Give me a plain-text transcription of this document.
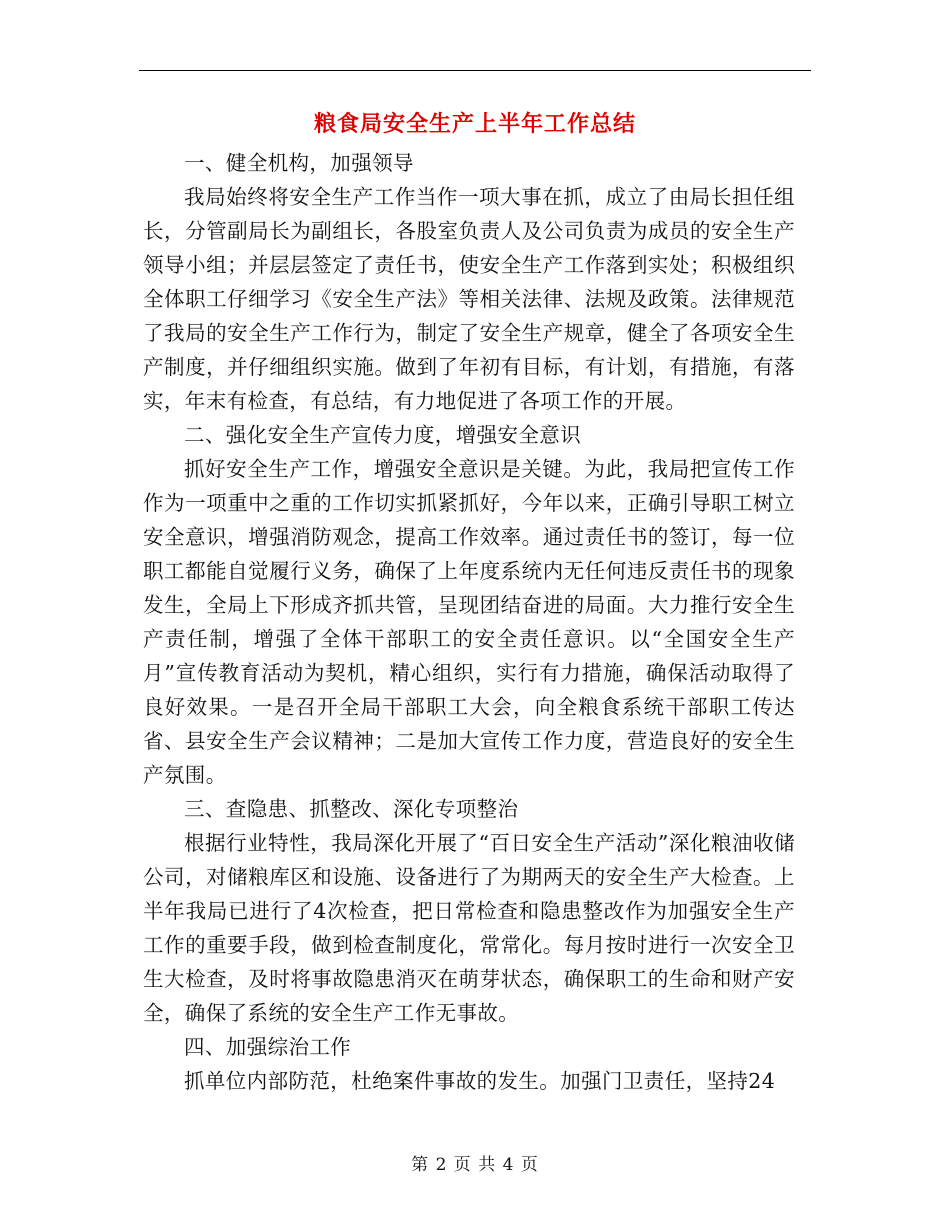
粮食局安全生产上半年工作总结

一、健全机构，加强领导

我局始终将安全生产工作当作一项大事在抓，成立了由局长担任组长，分管副局长为副组长，各股室负责人及公司负责为成员的安全生产领导小组；并层层签定了责任书，使安全生产工作落到实处；积极组织全体职工仔细学习《安全生产法》等相关法律、法规及政策。法律规范了我局的安全生产工作行为，制定了安全生产规章，健全了各项安全生产制度，并仔细组织实施。做到了年初有目标，有计划，有措施，有落实，年末有检查，有总结，有力地促进了各项工作的开展。

二、强化安全生产宣传力度，增强安全意识

抓好安全生产工作，增强安全意识是关键。为此，我局把宣传工作作为一项重中之重的工作切实抓紧抓好，今年以来，正确引导职工树立安全意识，增强消防观念，提高工作效率。通过责任书的签订，每一位职工都能自觉履行义务，确保了上年度系统内无任何违反责任书的现象发生，全局上下形成齐抓共管，呈现团结奋进的局面。大力推行安全生产责任制，增强了全体干部职工的安全责任意识。以“全国安全生产月”宣传教育活动为契机，精心组织，实行有力措施，确保活动取得了良好效果。一是召开全局干部职工大会，向全粮食系统干部职工传达省、县安全生产会议精神；二是加大宣传工作力度，营造良好的安全生产氛围。

三、查隐患、抓整改、深化专项整治

根据行业特性，我局深化开展了“百日安全生产活动”深化粮油收储公司，对储粮库区和设施、设备进行了为期两天的安全生产大检查。上半年我局已进行了4次检查，把日常检查和隐患整改作为加强安全生产工作的重要手段，做到检查制度化，常常化。每月按时进行一次安全卫生大检查，及时将事故隐患消灭在萌芽状态，确保职工的生命和财产安全，确保了系统的安全生产工作无事故。

四、加强综治工作

抓单位内部防范，杜绝案件事故的发生。加强门卫责任，坚持24

第 2 页 共 4 页
